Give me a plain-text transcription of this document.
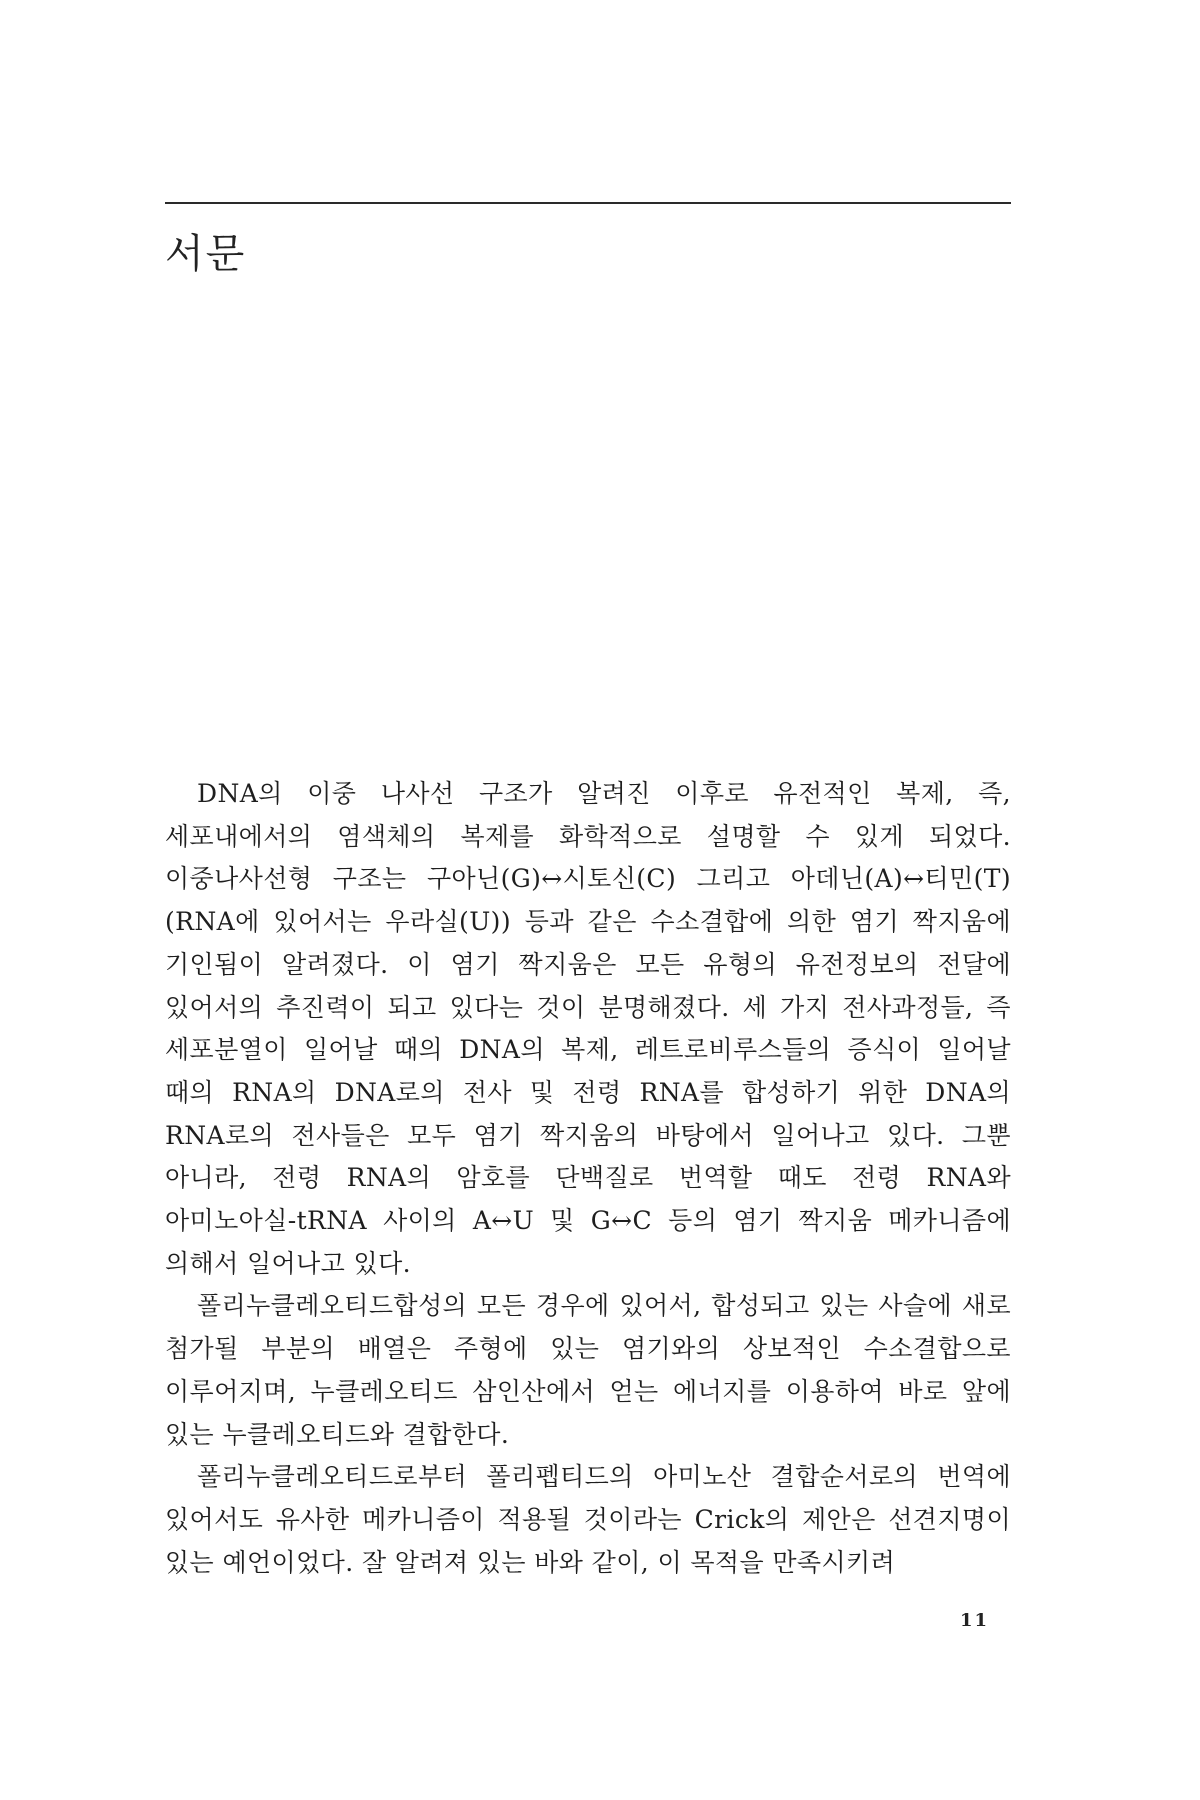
서문

DNA의 이중 나사선 구조가 알려진 이후로 유전적인 복제, 즉, 세포내에서의 염색체의 복제를 화학적으로 설명할 수 있게 되었다. 이중나사선형 구조는 구아닌(G)↔시토신(C) 그리고 아데닌(A)↔티민(T)(RNA에 있어서는 우라실(U)) 등과 같은 수소결합에 의한 염기 짝지움에 기인됨이 알려졌다. 이 염기 짝지움은 모든 유형의 유전정보의 전달에 있어서의 추진력이 되고 있다는 것이 분명해졌다. 세 가지 전사과정들, 즉 세포분열이 일어날 때의 DNA의 복제, 레트로비루스들의 증식이 일어날 때의 RNA의 DNA로의 전사 및 전령 RNA를 합성하기 위한 DNA의 RNA로의 전사들은 모두 염기 짝지움의 바탕에서 일어나고 있다. 그뿐 아니라, 전령 RNA의 암호를 단백질로 번역할 때도 전령 RNA와 아미노아실-tRNA 사이의 A↔U 및 G↔C 등의 염기 짝지움 메카니즘에 의해서 일어나고 있다.

폴리누클레오티드합성의 모든 경우에 있어서, 합성되고 있는 사슬에 새로 첨가될 부분의 배열은 주형에 있는 염기와의 상보적인 수소결합으로 이루어지며, 누클레오티드 삼인산에서 얻는 에너지를 이용하여 바로 앞에 있는 누클레오티드와 결합한다.

폴리누클레오티드로부터 폴리펩티드의 아미노산 결합순서로의 번역에 있어서도 유사한 메카니즘이 적용될 것이라는 Crick의 제안은 선견지명이 있는 예언이었다. 잘 알려져 있는 바와 같이, 이 목적을 만족시키려

11
